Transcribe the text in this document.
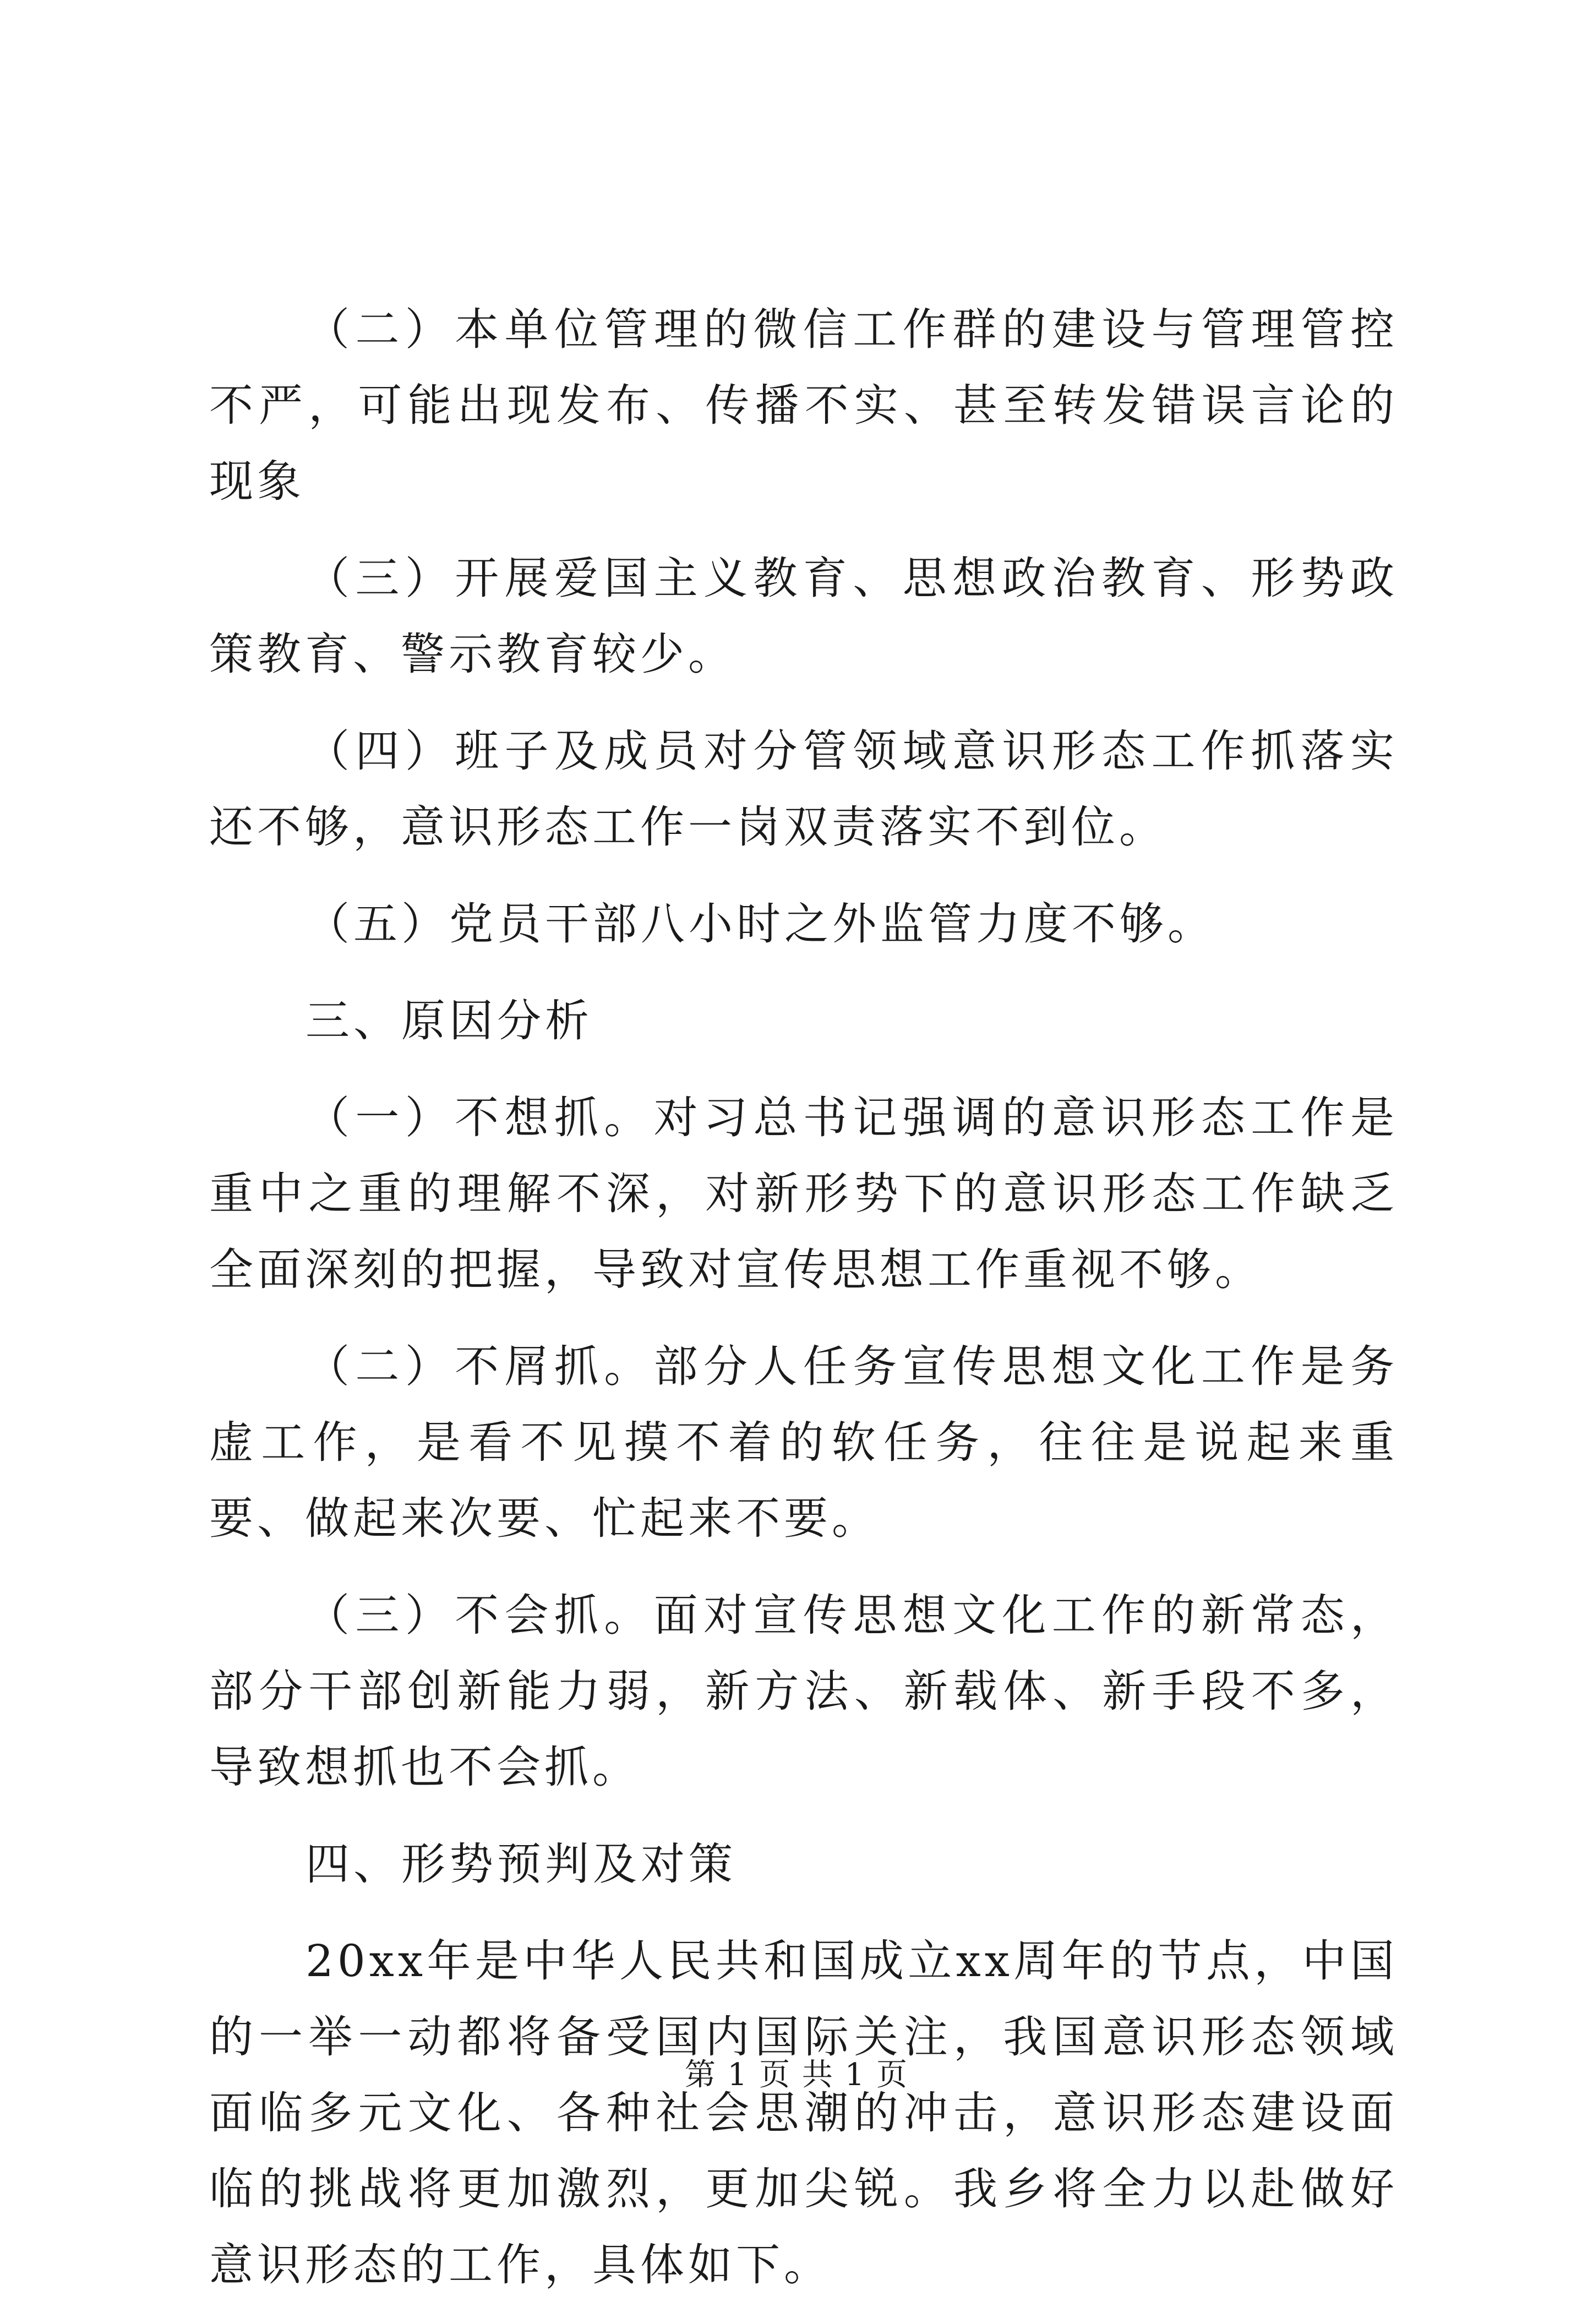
（二）本单位管理的微信工作群的建设与管理管控不严，可能出现发布、传播不实、甚至转发错误言论的现象

（三）开展爱国主义教育、思想政治教育、形势政策教育、警示教育较少。

（四）班子及成员对分管领域意识形态工作抓落实还不够，意识形态工作一岗双责落实不到位。

（五）党员干部八小时之外监管力度不够。

三、原因分析

（一）不想抓。对习总书记强调的意识形态工作是重中之重的理解不深，对新形势下的意识形态工作缺乏全面深刻的把握，导致对宣传思想工作重视不够。

（二）不屑抓。部分人任务宣传思想文化工作是务虚工作，是看不见摸不着的软任务，往往是说起来重要、做起来次要、忙起来不要。

（三）不会抓。面对宣传思想文化工作的新常态，部分干部创新能力弱，新方法、新载体、新手段不多，导致想抓也不会抓。

四、形势预判及对策

20xx年是中华人民共和国成立xx周年的节点，中国的一举一动都将备受国内国际关注，我国意识形态领域面临多元文化、各种社会思潮的冲击，意识形态建设面临的挑战将更加激烈，更加尖锐。我乡将全力以赴做好意识形态的工作，具体如下。

第 1 页 共 1 页
